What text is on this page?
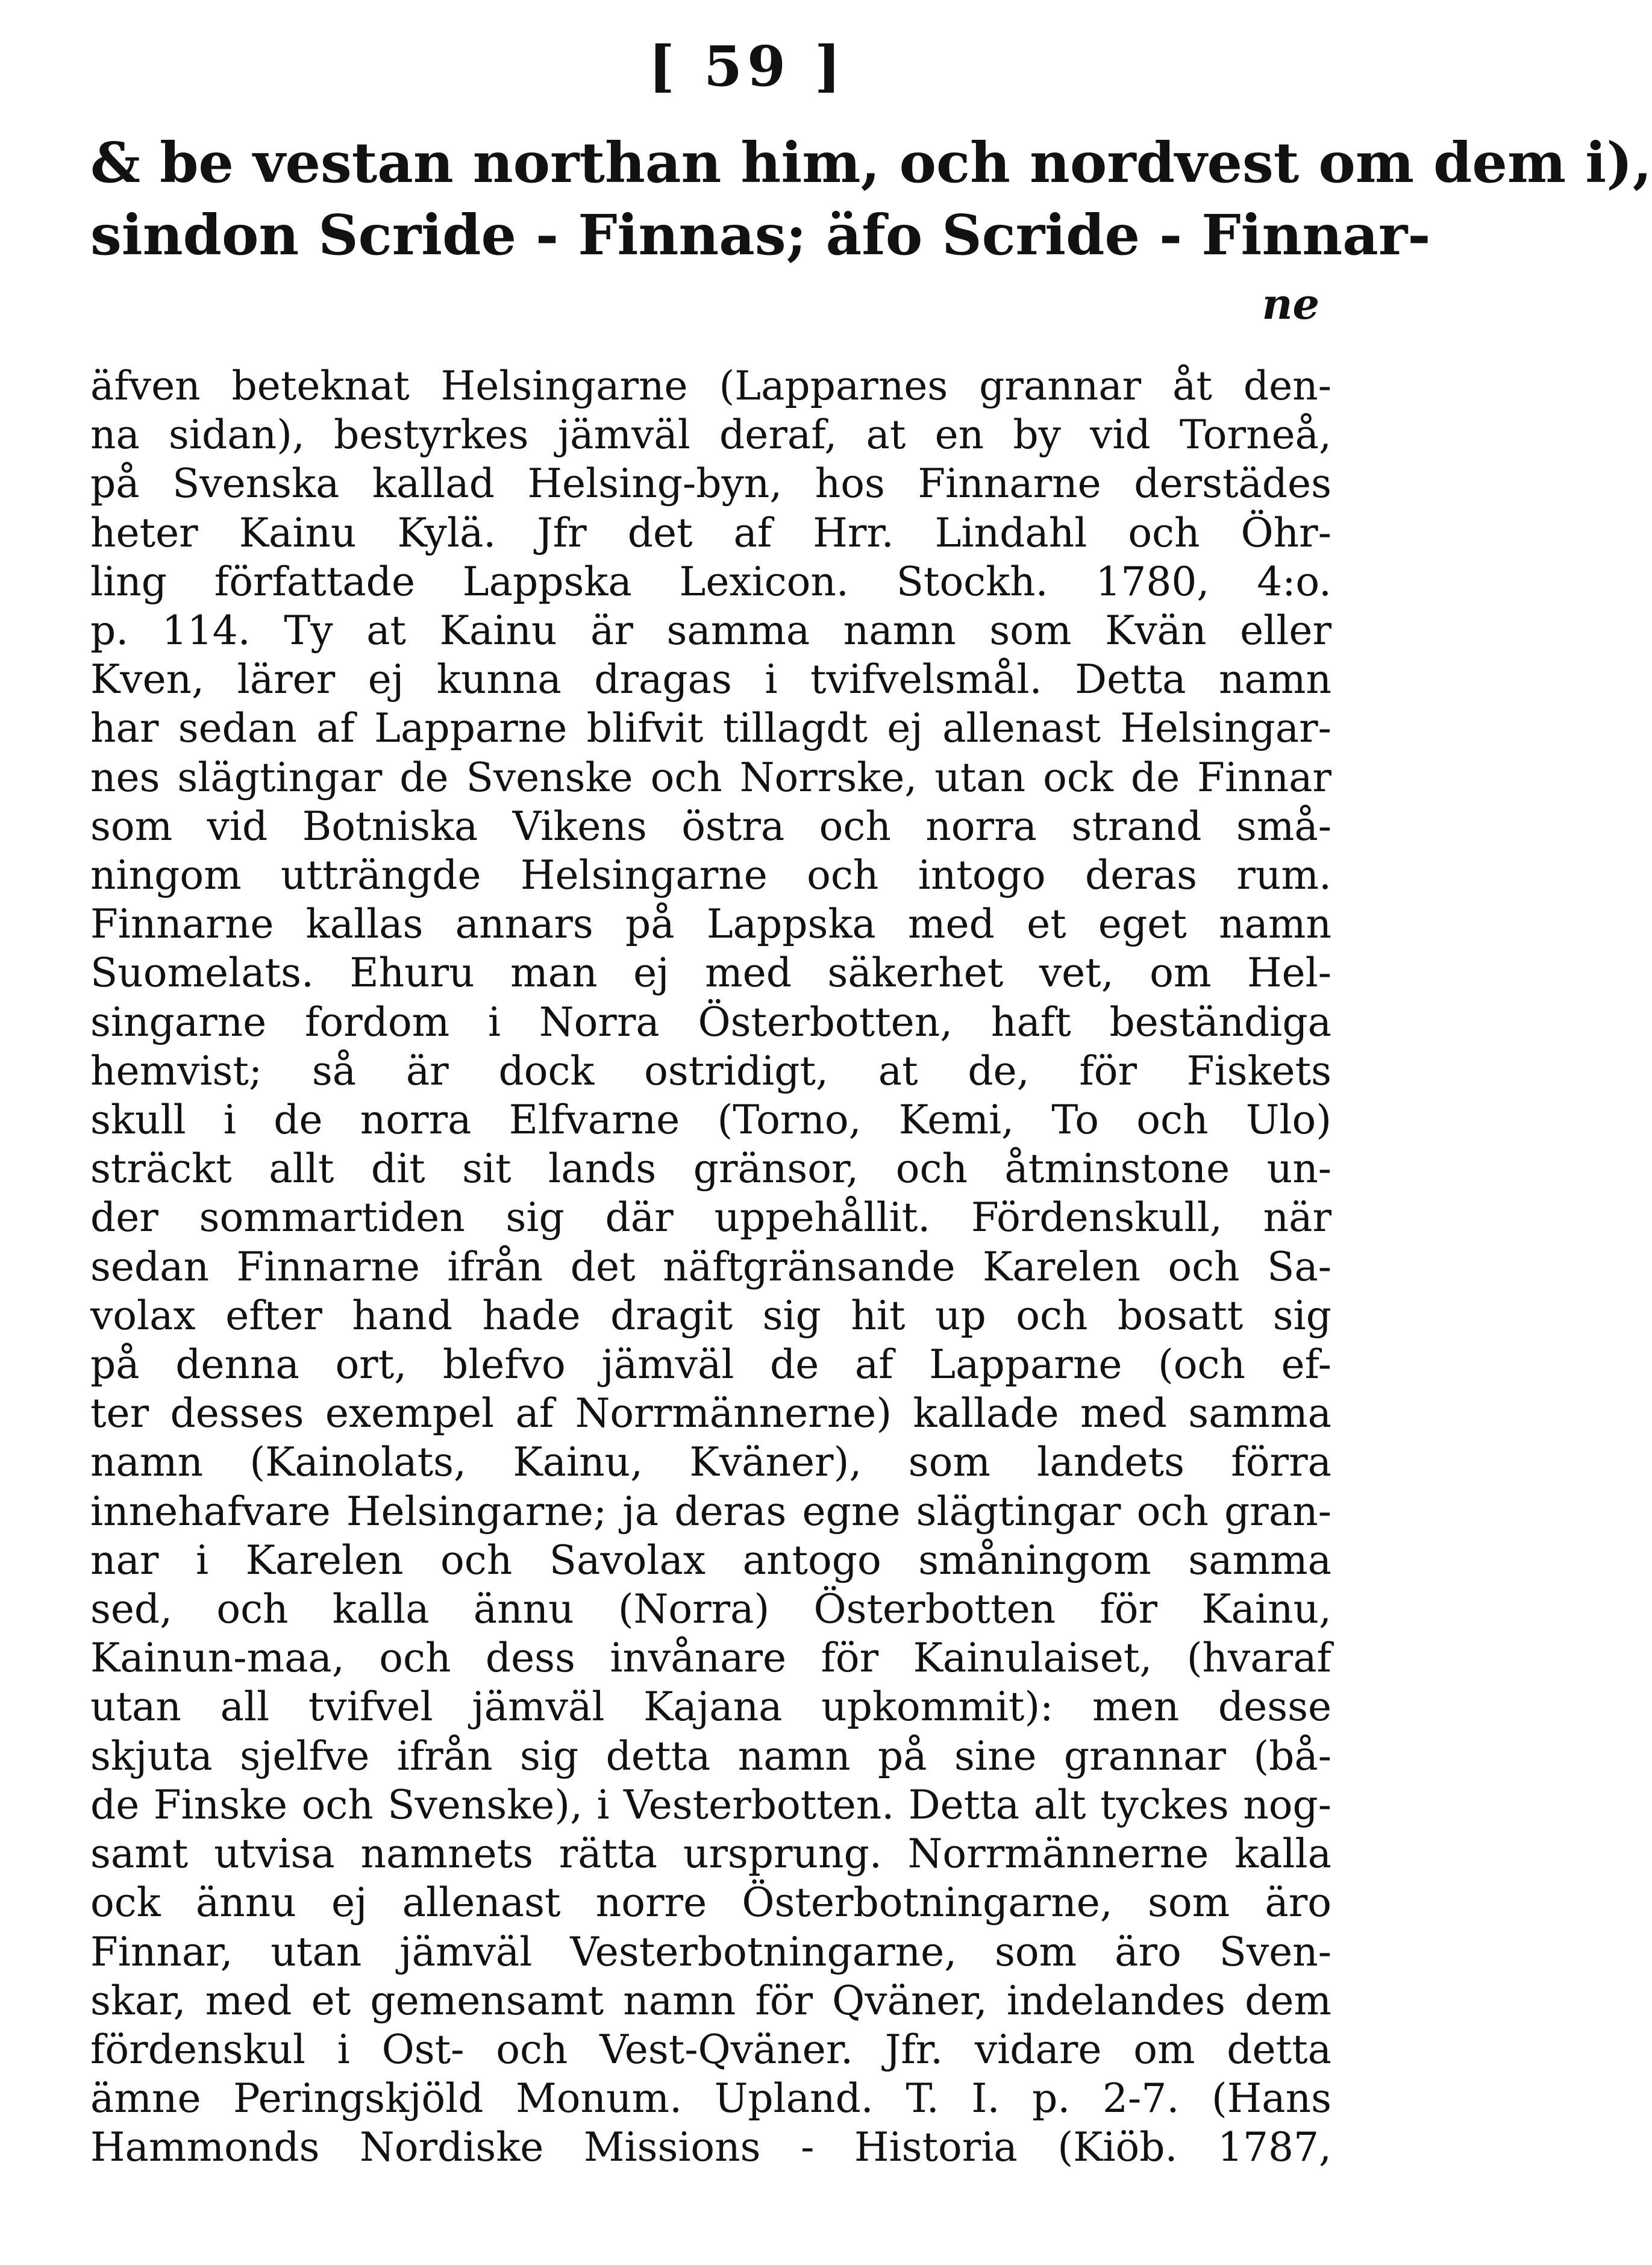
[ 59 ]
& be vestan northan him, och nordvest om dem i),
sindon Scride - Finnas; äfo Scride - Finnar-
ne
äfven beteknat Helsingarne (Lapparnes grannar åt den-
na sidan), bestyrkes jämväl deraf, at en by vid Torneå,
på Svenska kallad Helsing-byn, hos Finnarne derstädes
heter Kainu Kylä. Jfr det af Hrr. Lindahl och Öhr-
ling författade Lappska Lexicon. Stockh. 1780, 4:o.
p. 114. Ty at Kainu är samma namn som Kvän eller
Kven, lärer ej kunna dragas i tvifvelsmål. Detta namn
har sedan af Lapparne blifvit tillagdt ej allenast Helsingar-
nes slägtingar de Svenske och Norrske, utan ock de Finnar
som vid Botniska Vikens östra och norra strand små-
ningom utträngde Helsingarne och intogo deras rum.
Finnarne kallas annars på Lappska med et eget namn
Suomelats. Ehuru man ej med säkerhet vet, om Hel-
singarne fordom i Norra Österbotten, haft beständiga
hemvist; så är dock ostridigt, at de, för Fiskets
skull i de norra Elfvarne (Torno, Kemi, To och Ulo)
sträckt allt dit sit lands gränsor, och åtminstone un-
der sommartiden sig där uppehållit. Fördenskull, när
sedan Finnarne ifrån det näftgränsande Karelen och Sa-
volax efter hand hade dragit sig hit up och bosatt sig
på denna ort, blefvo jämväl de af Lapparne (och ef-
ter desses exempel af Norrmännerne) kallade med samma
namn (Kainolats, Kainu, Kväner), som landets förra
innehafvare Helsingarne; ja deras egne slägtingar och gran-
nar i Karelen och Savolax antogo småningom samma
sed, och kalla ännu (Norra) Österbotten för Kainu,
Kainun-maa, och dess invånare för Kainulaiset, (hvaraf
utan all tvifvel jämväl Kajana upkommit): men desse
skjuta sjelfve ifrån sig detta namn på sine grannar (bå-
de Finske och Svenske), i Vesterbotten. Detta alt tyckes nog-
samt utvisa namnets rätta ursprung. Norrmännerne kalla
ock ännu ej allenast norre Österbotningarne, som äro
Finnar, utan jämväl Vesterbotningarne, som äro Sven-
skar, med et gemensamt namn för Qväner, indelandes dem
fördenskul i Ost- och Vest-Qväner. Jfr. vidare om detta
ämne Peringskjöld Monum. Upland. T. I. p. 2-7. (Hans
Hammonds Nordiske Missions - Historia (Kiöb. 1787,
